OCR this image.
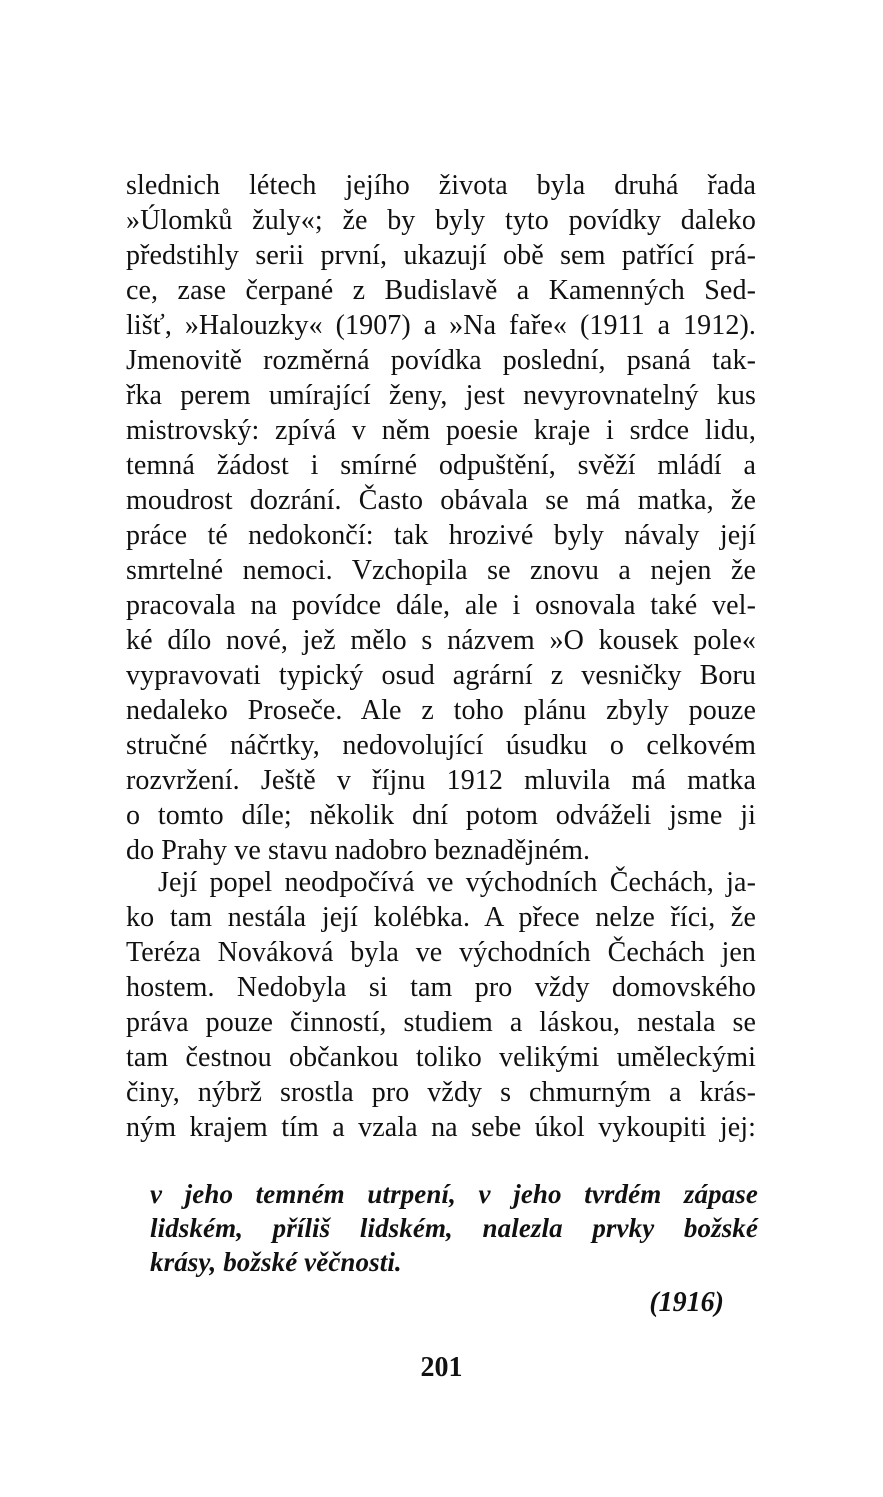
slednich létech jejího života byla druhá řada
»Úlomků žuly«; že by byly tyto povídky daleko
předstihly serii první, ukazují obě sem patřící prá-
ce, zase čerpané z Budislavě a Kamenných Sed-
lišť, »Halouzky« (1907) a »Na faře« (1911 a 1912).
Jmenovitě rozměrná povídka poslední, psaná tak-
řka perem umírající ženy, jest nevyrovnatelný kus
mistrovský: zpívá v něm poesie kraje i srdce lidu,
temná žádost i smírné odpuštění, svěží mládí a
moudrost dozrání. Často obávala se má matka, že
práce té nedokončí: tak hrozivé byly návaly její
smrtelné nemoci. Vzchopila se znovu a nejen že
pracovala na povídce dále, ale i osnovala také vel-
ké dílo nové, jež mělo s názvem »O kousek pole«
vypravovati typický osud agrární z vesničky Boru
nedaleko Proseče. Ale z toho plánu zbyly pouze
stručné náčrtky, nedovolující úsudku o celkovém
rozvržení. Ještě v říjnu 1912 mluvila má matka
o tomto díle; několik dní potom odváželi jsme ji
do Prahy ve stavu nadobro beznadějném.
Její popel neodpočívá ve východních Čechách, ja-
ko tam nestála její kolébka. A přece nelze říci, že
Teréza Nováková byla ve východních Čechách jen
hostem. Nedobyla si tam pro vždy domovského
práva pouze činností, studiem a láskou, nestala se
tam čestnou občankou toliko velikými uměleckými
činy, nýbrž srostla pro vždy s chmurným a krás-
ným krajem tím a vzala na sebe úkol vykoupiti jej:
v jeho temném utrpení, v jeho tvrdém zápase
lidském, příliš lidském, nalezla prvky božské
krásy, božské věčnosti.

(1916)

201
